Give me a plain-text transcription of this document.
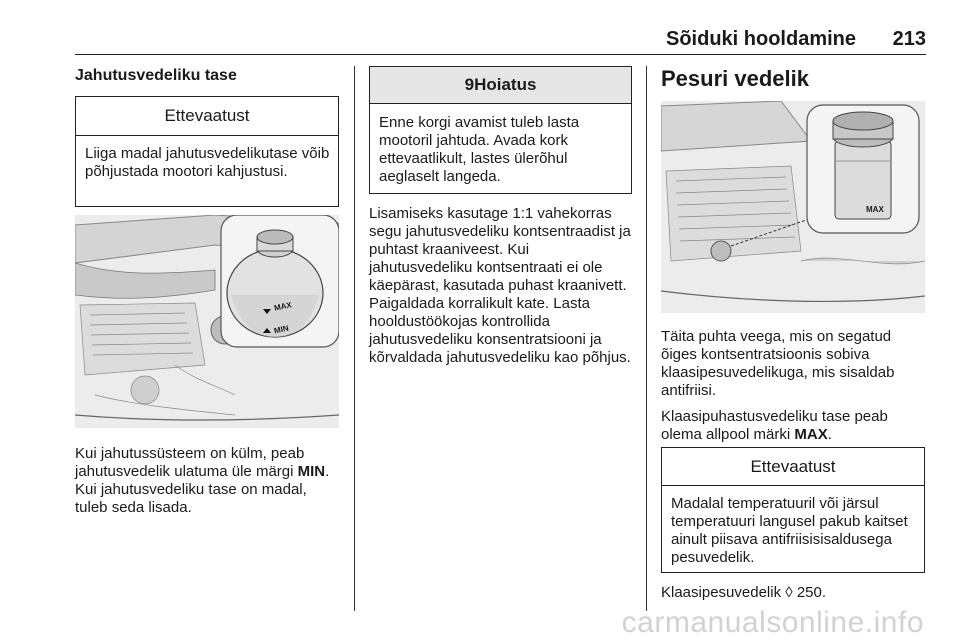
Sõiduki hooldamine 213
Jahutusvedeliku tase
Ettevaatust
Liiga madal jahutusvedelikutase võib põhjustada mootori kahjustusi.
MAX
MIN
Kui jahutussüsteem on külm, peab jahutusvedelik ulatuma üle märgi MIN. Kui jahutusvedeliku tase on madal, tuleb seda lisada.
9Hoiatus
Enne korgi avamist tuleb lasta mootoril jahtuda. Avada kork ettevaatlikult, lastes ülerõhul aeglaselt langeda.
Lisamiseks kasutage 1:1 vahekorras segu jahutusvedeliku kontsentraadist ja puhtast kraaniveest. Kui jahutusvedeliku kontsentraati ei ole käepärast, kasutada puhast kraanivett. Paigaldada korralikult kate. Lasta hooldustöökojas kontrollida jahutusvedeliku konsentratsiooni ja kõrvaldada jahutusvedeliku kao põhjus.
Pesuri vedelik
MAX

Täita puhta veega, mis on segatud õiges kontsentratsioonis sobiva klaasipesuvedelikuga, mis sisaldab antifriisi.

Klaasipuhastusvedeliku tase peab olema allpool märki MAX.

Ettevaatust
Madalal temperatuuril või järsul temperatuuri langusel pakub kaitset ainult piisava antifriisisisaldusega pesuvedelik.
Klaasipesuvedelik ◊ 250.
carmanualsonline.info
